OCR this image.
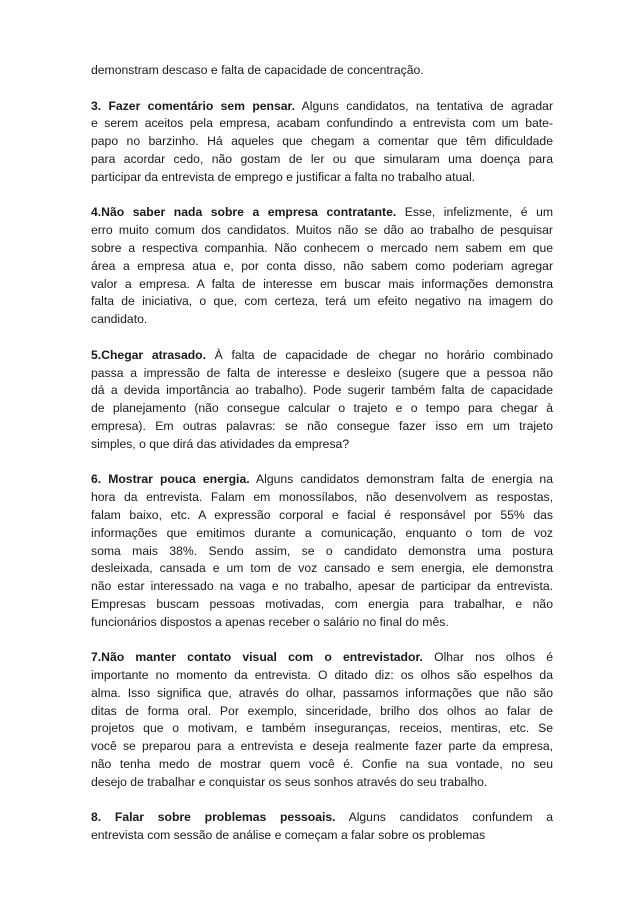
demonstram descaso e falta de capacidade de concentração.
3. Fazer comentário sem pensar. Alguns candidatos, na tentativa de agradar
e serem aceitos pela empresa, acabam confundindo a entrevista com um bate-
papo no barzinho. Há aqueles que chegam a comentar que têm dificuldade
para acordar cedo, não gostam de ler ou que simularam uma doença para
participar da entrevista de emprego e justificar a falta no trabalho atual.
4.Não saber nada sobre a empresa contratante. Esse, infelizmente, é um
erro muito comum dos candidatos. Muitos não se dão ao trabalho de pesquisar
sobre a respectiva companhia. Não conhecem o mercado nem sabem em que
área a empresa atua e, por conta disso, não sabem como poderiam agregar
valor a empresa. A falta de interesse em buscar mais informações demonstra
falta de iniciativa, o que, com certeza, terá um efeito negativo na imagem do
candidato.
5.Chegar atrasado. À falta de capacidade de chegar no horário combinado
passa a impressão de falta de interesse e desleixo (sugere que a pessoa não
dá a devida importância ao trabalho). Pode sugerir também falta de capacidade
de planejamento (não consegue calcular o trajeto e o tempo para chegar à
empresa). Em outras palavras: se não consegue fazer isso em um trajeto
simples, o que dirá das atividades da empresa?
6. Mostrar pouca energia. Alguns candidatos demonstram falta de energia na
hora da entrevista. Falam em monossílabos, não desenvolvem as respostas,
falam baixo, etc. A expressão corporal e facial é responsável por 55% das
informações que emitimos durante a comunicação, enquanto o tom de voz
soma mais 38%. Sendo assim, se o candidato demonstra uma postura
desleixada, cansada e um tom de voz cansado e sem energia, ele demonstra
não estar interessado na vaga e no trabalho, apesar de participar da entrevista.
Empresas buscam pessoas motivadas, com energia para trabalhar, e não
funcionários dispostos a apenas receber o salário no final do mês.
7.Não manter contato visual com o entrevistador. Olhar nos olhos é
importante no momento da entrevista. O ditado diz: os olhos são espelhos da
alma. Isso significa que, através do olhar, passamos informações que não são
ditas de forma oral. Por exemplo, sinceridade, brilho dos olhos ao falar de
projetos que o motivam, e também inseguranças, receios, mentiras, etc. Se
você se preparou para a entrevista e deseja realmente fazer parte da empresa,
não tenha medo de mostrar quem você é. Confie na sua vontade, no seu
desejo de trabalhar e conquistar os seus sonhos através do seu trabalho.
8. Falar sobre problemas pessoais. Alguns candidatos confundem a
entrevista com sessão de análise e começam a falar sobre os problemas
